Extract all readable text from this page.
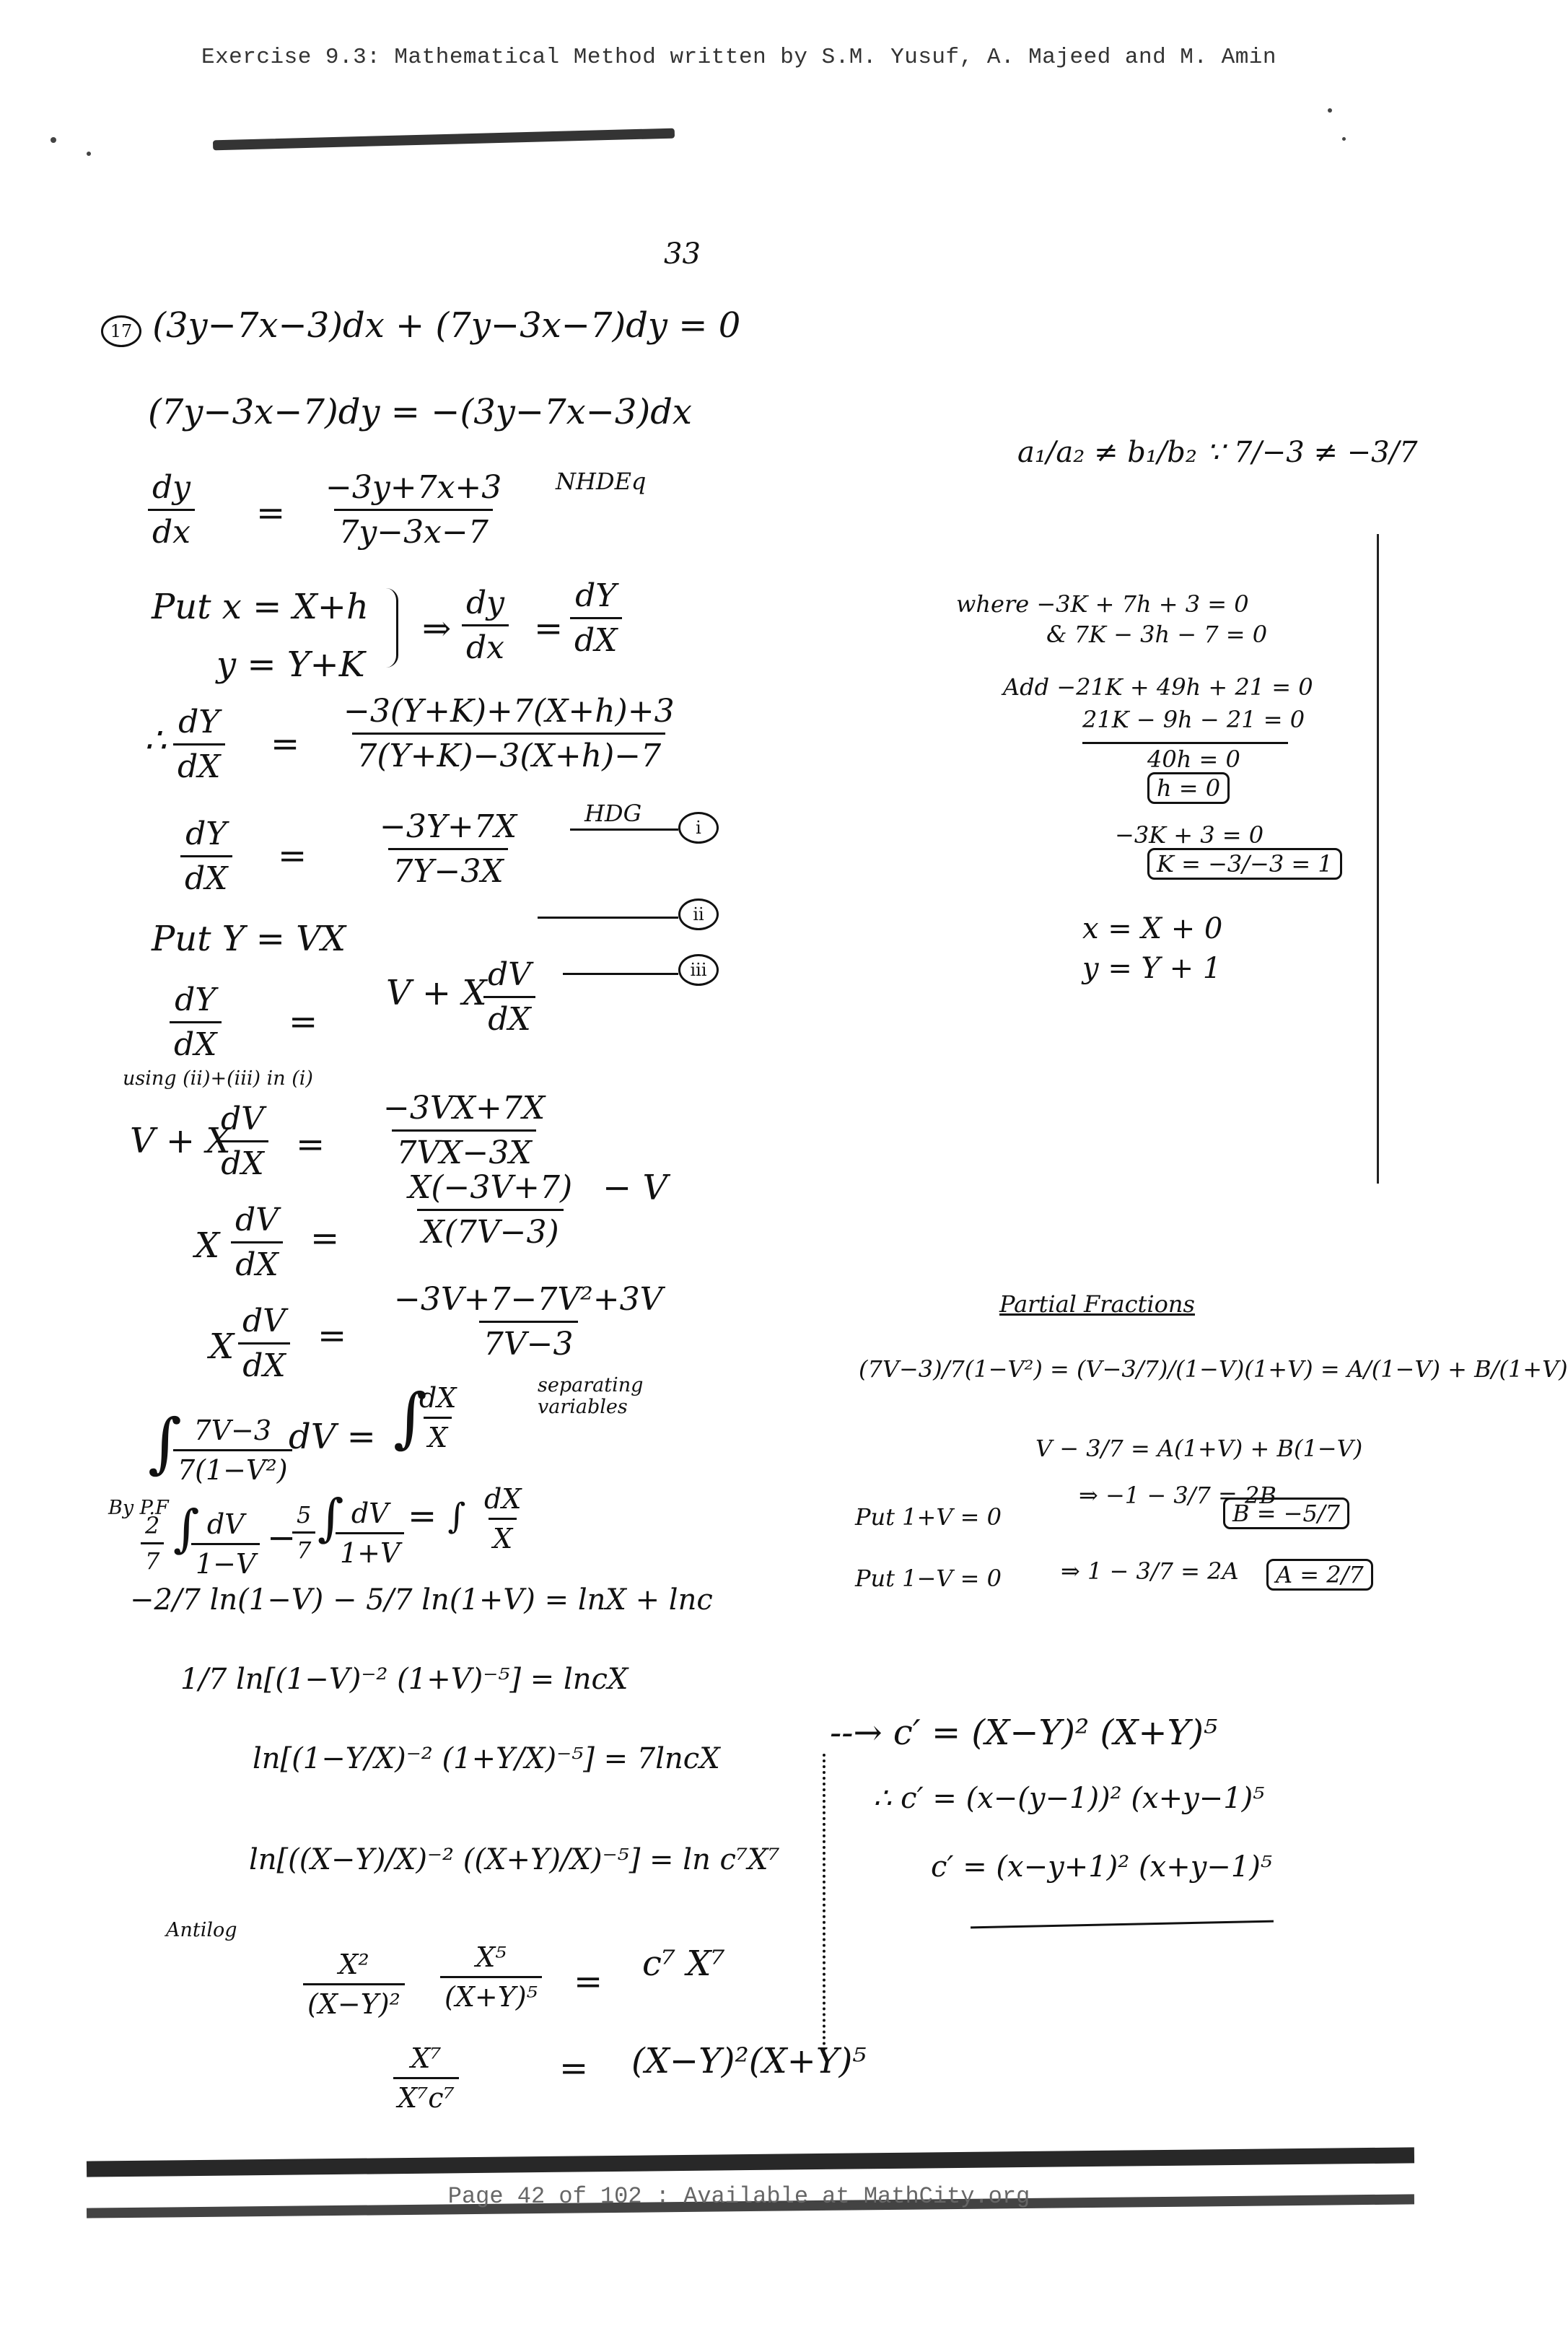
Exercise 9.3: Mathematical Method written by S.M. Yusuf, A. Majeed and M. Amin
33
17 (3y−7x−3)dx + (7y−3x−7)dy = 0
(7y−3x−7)dy = −(3y−7x−3)dx
$\frac{dy}{dx} = \frac{-3y+7x+3}{7y-3x-7}$ NHDEq
Put x = X+h
y = Y+K
⇒ $\frac{dy}{dx} = \frac{dY}{dX}$
∴ $\frac{dY}{dX} = \frac{-3(Y+K)+7(X+h)+3}{7(Y+K)-3(X+h)-7}$
$\frac{dY}{dX} = \frac{-3Y+7X}{7Y-3X}$	HDG
i
Put Y = VX
ii
$\frac{dY}{dX}$ =
V + X
$\frac{dV}{dX}$	iii
using (ii)+(iii) in (i)
V + X
$\frac{dV}{dX} = \frac{-3VX+7X}{7VX-3X}$
X $\frac{dV}{dX} = \frac{X(-3V+7)}{X(7V-3)} - V$
X $\frac{dV}{dX} = \frac{\text{−3V+7−7V²+3V}}{7V-3}$
∫
$\frac{7V-3}{\text{7(1−V²)}}$
dV = ∫
$\frac{dX}{X}$	separating variables
By P.F
$\frac{2}{7}$ ∫
$\frac{dV}{1-V}$ −
$\frac{5}{7}$ ∫
$\frac{dV}{1+V}$ = ∫ $\frac{dX}{X}$
−2/7 ln(1−V) − 5/7 ln(1+V) = lnX + lnc
1/7 ln[(1−V)⁻² (1+V)⁻⁵] = lncX
ln[(1−Y/X)⁻² (1+Y/X)⁻⁵] = 7lncX
ln[((X−Y)/X)⁻² ((X+Y)/X)⁻⁵] = ln c⁷X⁷
Antilog
$\frac{\text{X²}}{\text{(X−Y)²}} \frac{\text{X⁵}}{\text{(X+Y)⁵}} = c^7$ X⁷
$\frac{\text{X⁷}}{\text{X⁷c⁷}}$	= (X−Y)²(X+Y)⁵
a₁/a₂ ≠ b₁/b₂ ∵ 7/−3 ≠ −3/7
where −3K + 7h + 3 = 0
& 7K − 3h − 7 = 0
Add −21K + 49h + 21 = 0
21K − 9h − 21 = 0
40h = 0
h = 0
−3K + 3 = 0
K = −3/−3 = 1
x = X + 0
y = Y + 1
Partial Fractions
(7V−3)/7(1−V²) = (V−3/7)/(1−V)(1+V) = A/(1−V) + B/(1+V)
V − 3/7 = A(1+V) + B(1−V)
Put 1+V = 0
⇒ −1 − 3/7 = 2B
B = −5/7
Put 1−V = 0	⇒ 1 − 3/7 = 2A	A = 2/7
--→ c′ = (X−Y)² (X+Y)⁵
∴ c′ = (x−(y−1))² (x+y−1)⁵
c′ = (x−y+1)² (x+y−1)⁵
Page 42 of 102 : Available at MathCity.org
